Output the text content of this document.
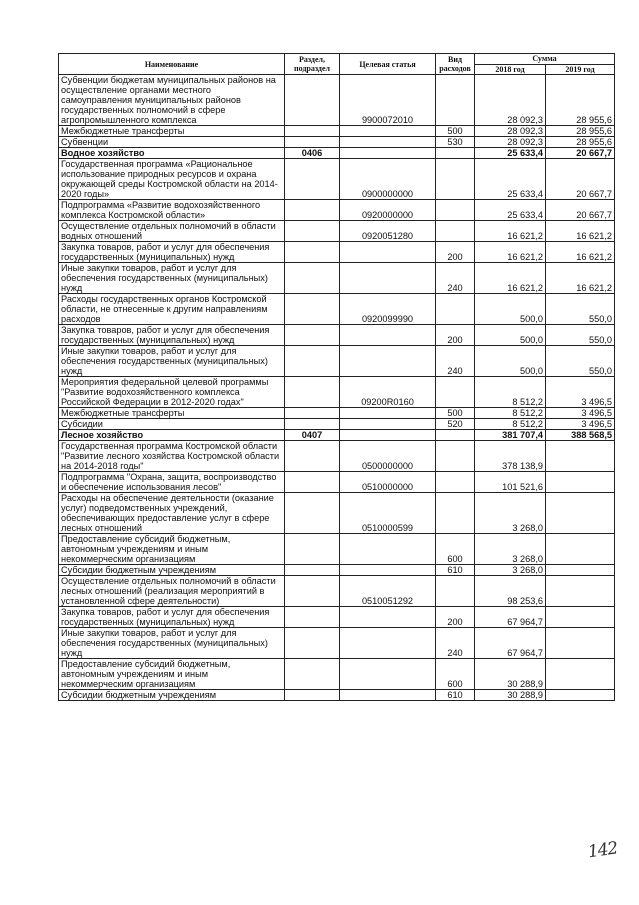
Наименование	Раздел, подраздел	Целевая статья	Вид расходов	Сумма	
				2018 год	2019 год
Субвенции бюджетам муниципальных районов на осуществление органами местного самоуправления муниципальных районов государственных полномочий в сфере агропромышленного комплекса		9900072010		28 092,3	28 955,6
Межбюджетные трансферты			500	28 092,3	28 955,6
Субвенции			530	28 092,3	28 955,6
Водное хозяйство	0406			25 633,4	20 667,7
Государственная программа «Рациональное использование природных ресурсов и охрана окружающей среды Костромской области на 2014-2020 годы»		0900000000		25 633,4	20 667,7
Подпрограмма «Развитие водохозяйственного комплекса Костромской области»		0920000000		25 633,4	20 667,7
Осуществление отдельных полномочий в области водных отношений		0920051280		16 621,2	16 621,2
Закупка товаров, работ и услуг для обеспечения государственных (муниципальных) нужд			200	16 621,2	16 621,2
Иные закупки товаров, работ и услуг для обеспечения государственных (муниципальных) нужд			240	16 621,2	16 621,2
Расходы государственных органов Костромской области, не отнесенные к другим направлениям расходов		0920099990		500,0	550,0
Закупка товаров, работ и услуг для обеспечения государственных (муниципальных) нужд			200	500,0	550,0
Иные закупки товаров, работ и услуг для обеспечения государственных (муниципальных) нужд			240	500,0	550,0
Мероприятия федеральной целевой программы "Развитие водохозяйственного комплекса Российской Федерации в 2012-2020 годах"		09200R0160		8 512,2	3 496,5
Межбюджетные трансферты			500	8 512,2	3 496,5
Субсидии			520	8 512,2	3 496,5
Лесное хозяйство	0407			381 707,4	388 568,5
Государственная программа Костромской области "Развитие лесного хозяйства Костромской области на 2014-2018 годы"		0500000000		378 138,9	
Подпрограмма "Охрана, защита, воспроизводство и обеспечение использования лесов"		0510000000		101 521,6	
Расходы на обеспечение деятельности (оказание услуг) подведомственных учреждений, обеспечивающих предоставление услуг в сфере лесных отношений		0510000599		3 268,0	
Предоставление субсидий бюджетным, автономным учреждениям и иным некоммерческим организациям			600	3 268,0	
Субсидии бюджетным учреждениям			610	3 268,0	
Осуществление отдельных полномочий в области лесных отношений (реализация мероприятий в установленной сфере деятельности)		0510051292		98 253,6	
Закупка товаров, работ и услуг для обеспечения государственных (муниципальных) нужд			200	67 964,7	
Иные закупки товаров, работ и услуг для обеспечения государственных (муниципальных) нужд			240	67 964,7	
Предоставление субсидий бюджетным, автономным учреждениям и иным некоммерческим организациям			600	30 288,9	
Субсидии бюджетным учреждениям			610	30 288,9	
142
